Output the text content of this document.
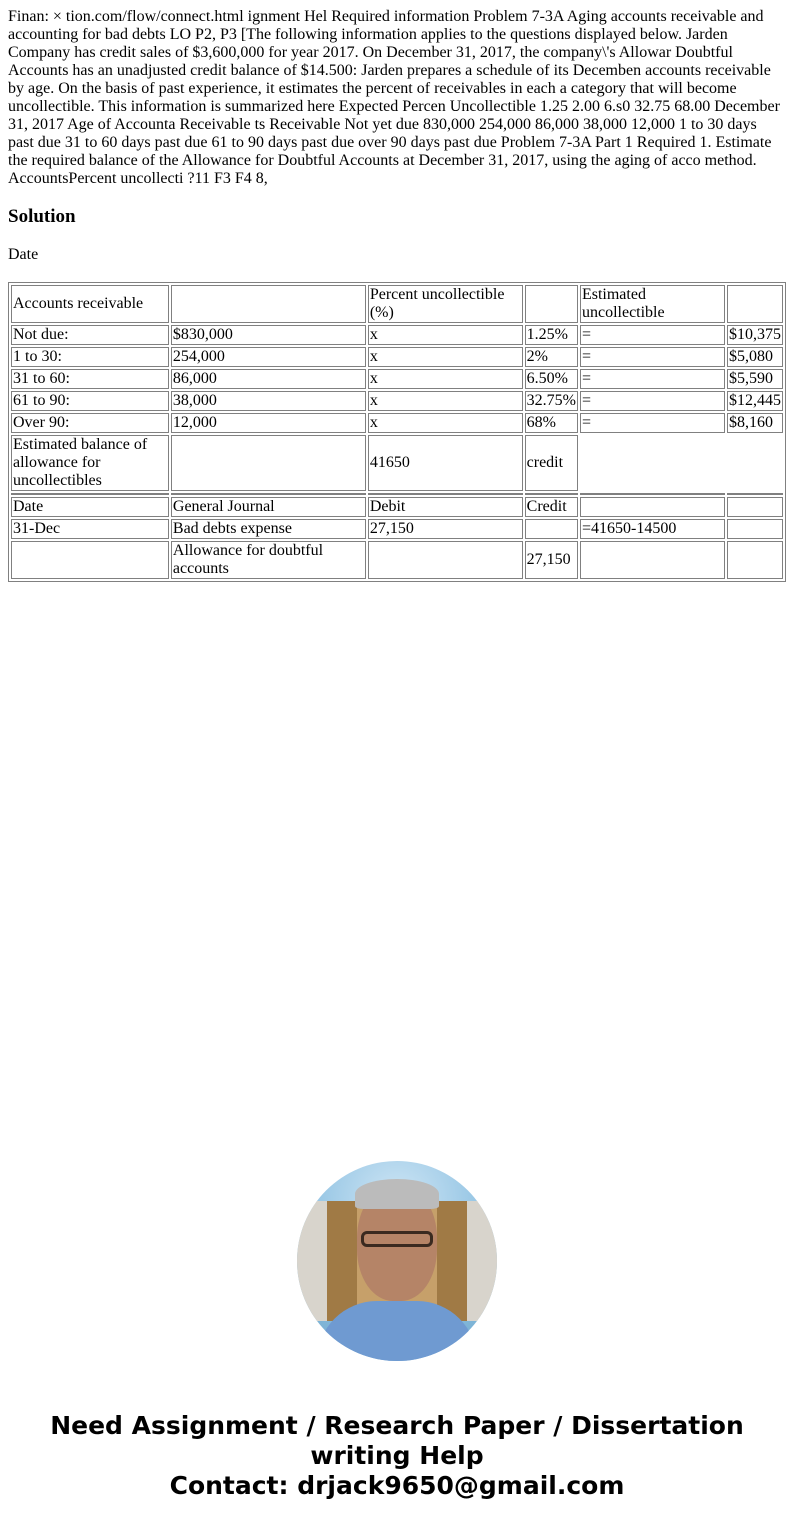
Finan: × tion.com/flow/connect.html ignment Hel Required information Problem 7-3A Aging accounts receivable and accounting for bad debts LO P2, P3 [The following information applies to the questions displayed below. Jarden Company has credit sales of $3,600,000 for year 2017. On December 31, 2017, the company\'s Allowar Doubtful Accounts has an unadjusted credit balance of $14.500: Jarden prepares a schedule of its Decemben accounts receivable by age. On the basis of past experience, it estimates the percent of receivables in each a category that will become uncollectible. This information is summarized here Expected Percen Uncollectible 1.25 2.00 6.s0 32.75 68.00 December 31, 2017 Age of Accounta Receivable ts Receivable Not yet due 830,000 254,000 86,000 38,000 12,000 1 to 30 days past due 31 to 60 days past due 61 to 90 days past due over 90 days past due Problem 7-3A Part 1 Required 1. Estimate the required balance of the Allowance for Doubtful Accounts at December 31, 2017, using the aging of acco method. AccountsPercent uncollecti ?11 F3 F4 8,
Solution
Date
Accounts receivable		Percent uncollectible (%)		Estimated uncollectible	
Not due:	$830,000	x	1.25%	=	$10,375
1 to 30:	254,000	x	2%	=	$5,080
31 to 60:	86,000	x	6.50%	=	$5,590
61 to 90:	38,000	x	32.75%	=	$12,445
Over 90:	12,000	x	68%	=	$8,160
Estimated balance of allowance for uncollectibles		41650	credit		

Date	General Journal	Debit	Credit		
31-Dec	Bad debts expense	27,150		=41650-14500	
	Allowance for doubtful accounts		27,150		
Need Assignment / Research Paper / Dissertation writing Help
Contact: drjack9650@gmail.com
